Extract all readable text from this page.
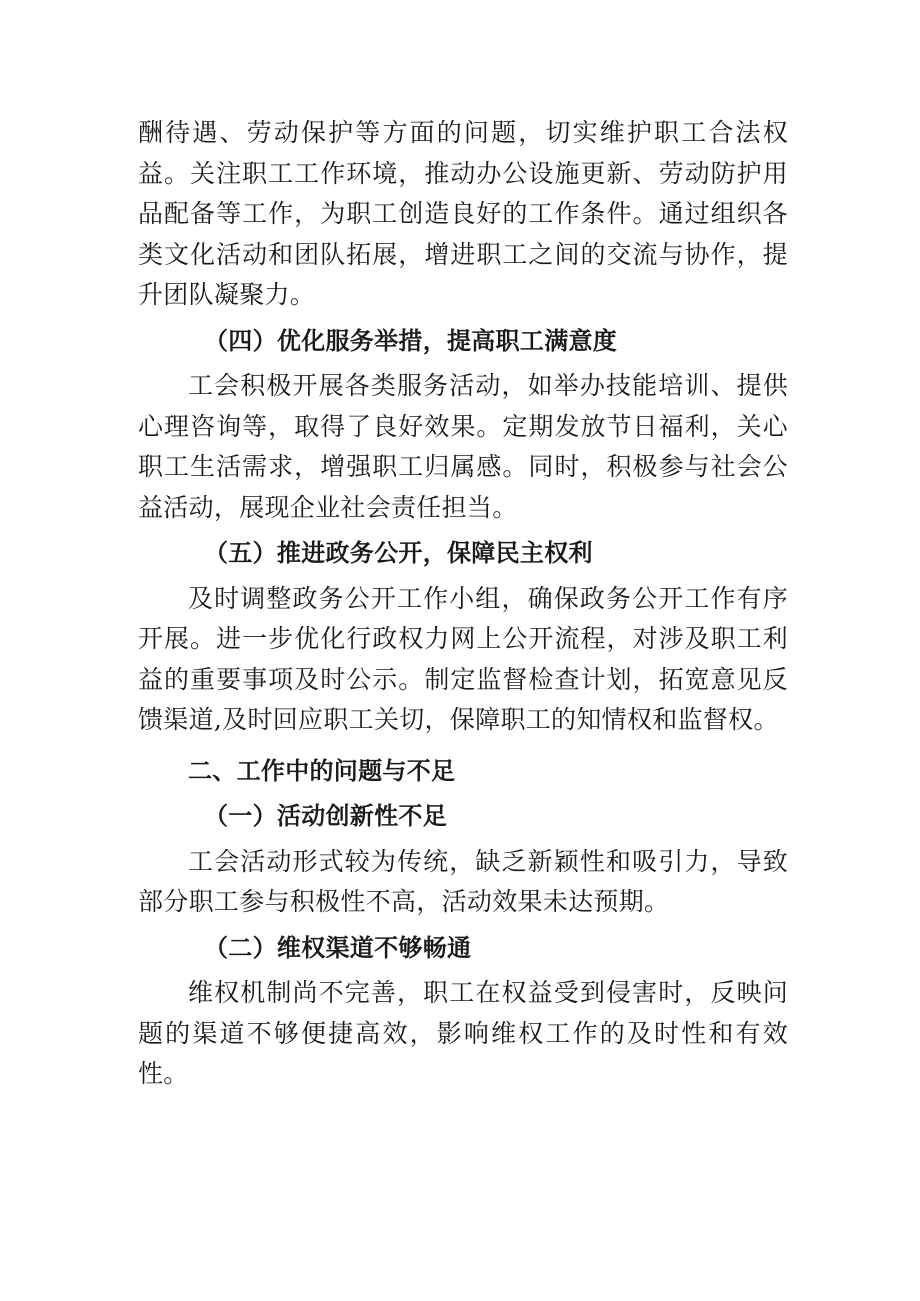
酬待遇、劳动保护等方面的问题，切实维护职工合法权益。关注职工工作环境，推动办公设施更新、劳动防护用品配备等工作，为职工创造良好的工作条件。通过组织各类文化活动和团队拓展，增进职工之间的交流与协作，提升团队凝聚力。

（四）优化服务举措，提高职工满意度

工会积极开展各类服务活动，如举办技能培训、提供心理咨询等，取得了良好效果。定期发放节日福利，关心职工生活需求，增强职工归属感。同时，积极参与社会公益活动，展现企业社会责任担当。

（五）推进政务公开，保障民主权利

及时调整政务公开工作小组，确保政务公开工作有序开展。进一步优化行政权力网上公开流程，对涉及职工利益的重要事项及时公示。制定监督检查计划，拓宽意见反馈渠道,及时回应职工关切，保障职工的知情权和监督权。

二、工作中的问题与不足

（一）活动创新性不足

工会活动形式较为传统，缺乏新颖性和吸引力，导致部分职工参与积极性不高，活动效果未达预期。

（二）维权渠道不够畅通

维权机制尚不完善，职工在权益受到侵害时，反映问题的渠道不够便捷高效，影响维权工作的及时性和有效性。
